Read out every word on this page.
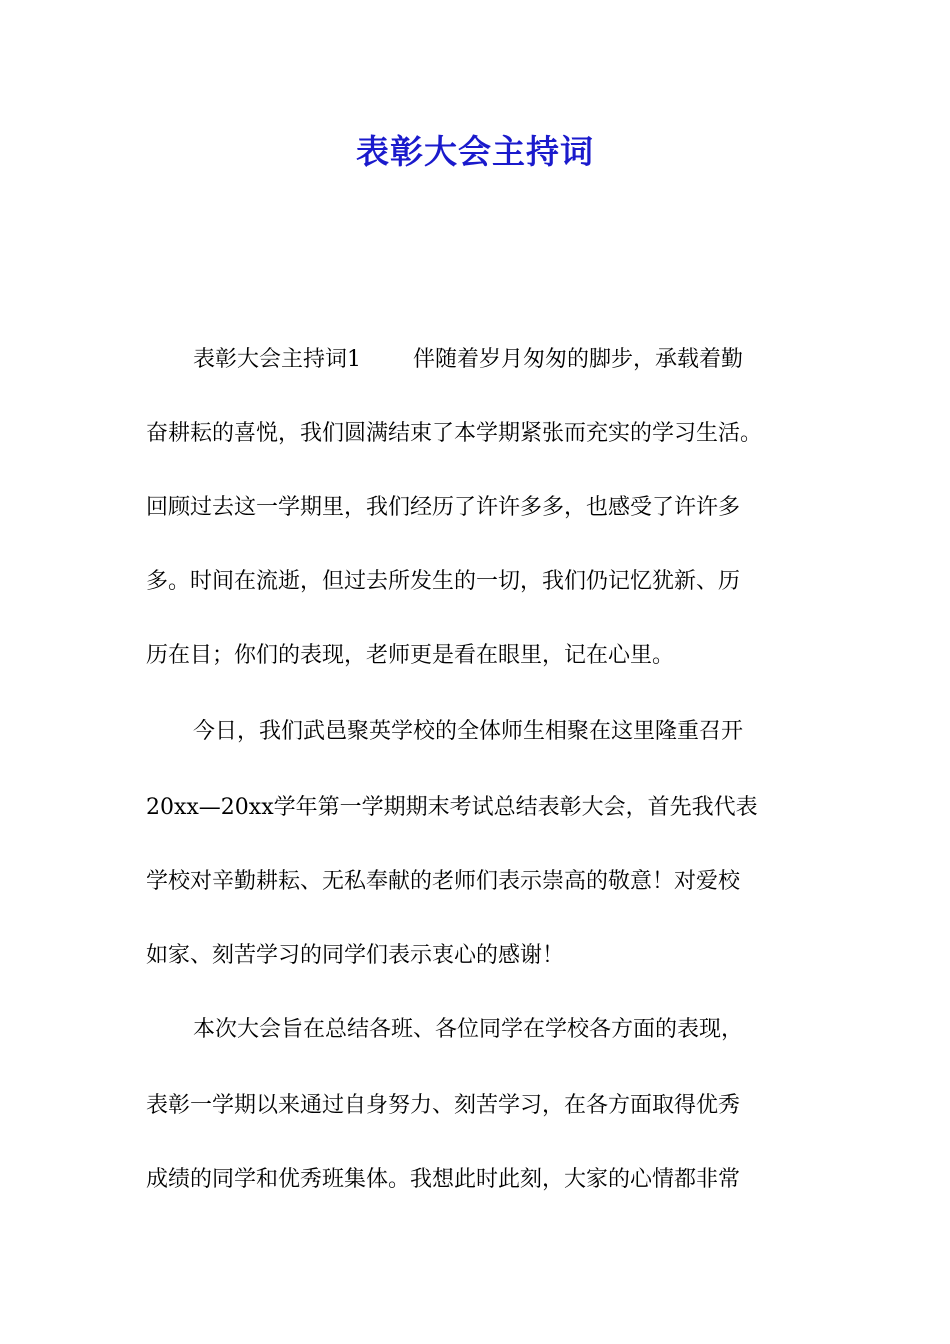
表彰大会主持词

表彰大会主持词1 伴随着岁月匆匆的脚步，承载着勤

奋耕耘的喜悦，我们圆满结束了本学期紧张而充实的学习生活。

回顾过去这一学期里，我们经历了许许多多，也感受了许许多

多。时间在流逝，但过去所发生的一切，我们仍记忆犹新、历

历在目；你们的表现，老师更是看在眼里，记在心里。

今日，我们武邑聚英学校的全体师生相聚在这里隆重召开

20xx—20xx学年第一学期期末考试总结表彰大会，首先我代表

学校对辛勤耕耘、无私奉献的老师们表示崇高的敬意！对爱校

如家、刻苦学习的同学们表示衷心的感谢！

本次大会旨在总结各班、各位同学在学校各方面的表现，

表彰一学期以来通过自身努力、刻苦学习，在各方面取得优秀

成绩的同学和优秀班集体。我想此时此刻，大家的心情都非常
